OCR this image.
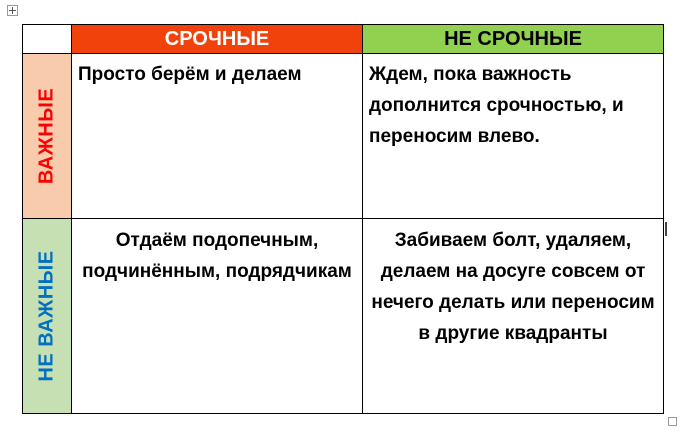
	СРОЧНЫЕ	НЕ СРОЧНЫЕ

ВАЖНЫЕ	Просто берём и делаем	Ждем, пока важность дополнится срочностью, и переносим влево.

НЕ ВАЖНЫЕ	Отдаём подопечным, подчинённым, подрядчикам	Забиваем болт, удаляем, делаем на досуге совсем от нечего делать или переносим в другие квадранты
